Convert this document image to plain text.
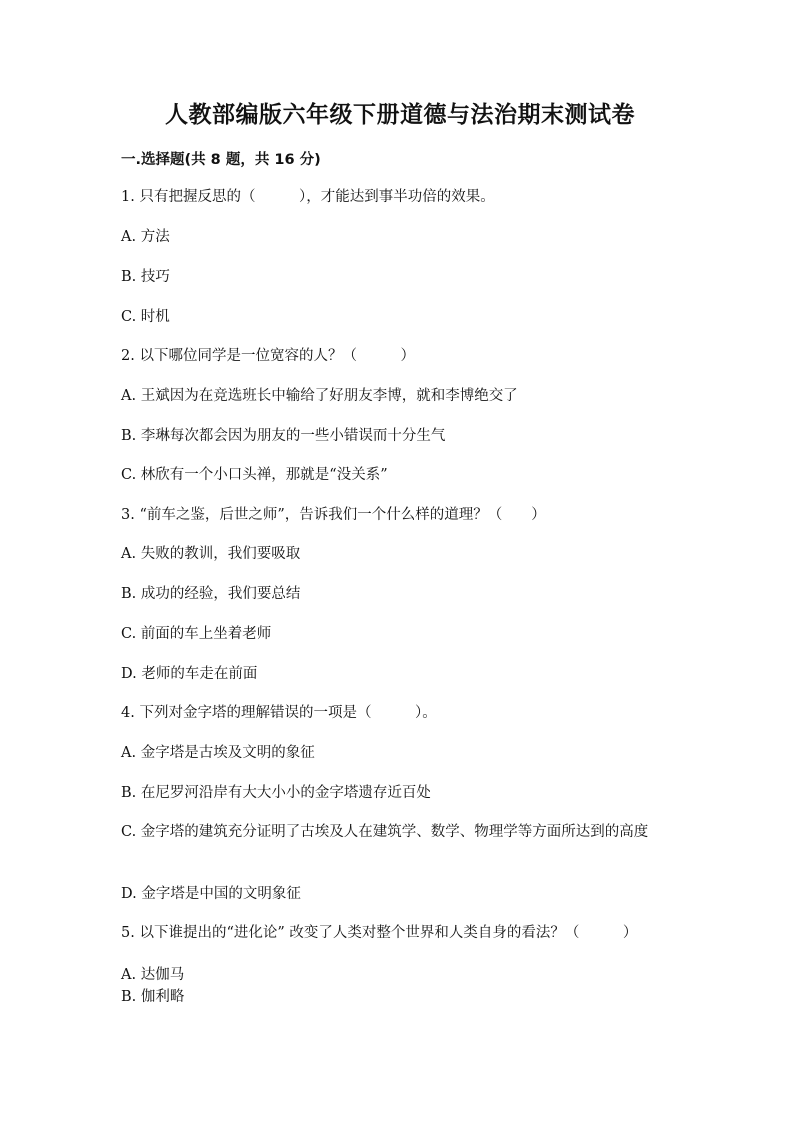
人教部编版六年级下册道德与法治期末测试卷
一.选择题(共 8 题，共 16 分)
1. 只有把握反思的（　　　），才能达到事半功倍的效果。
A. 方法
B. 技巧
C. 时机
2. 以下哪位同学是一位宽容的人？（　　　）
A. 王斌因为在竞选班长中输给了好朋友李博，就和李博绝交了
B. 李琳每次都会因为朋友的一些小错误而十分生气
C. 林欣有一个小口头禅，那就是“没关系”
3. “前车之鉴，后世之师”，告诉我们一个什么样的道理？（　　）
A. 失败的教训，我们要吸取
B. 成功的经验，我们要总结
C. 前面的车上坐着老师
D. 老师的车走在前面
4. 下列对金字塔的理解错误的一项是（　　　）。
A. 金字塔是古埃及文明的象征
B. 在尼罗河沿岸有大大小小的金字塔遗存近百处
C. 金字塔的建筑充分证明了古埃及人在建筑学、数学、物理学等方面所达到的高度
D. 金字塔是中国的文明象征
5. 以下谁提出的“进化论” 改变了人类对整个世界和人类自身的看法？（　　　）
A. 达伽马
B. 伽利略
